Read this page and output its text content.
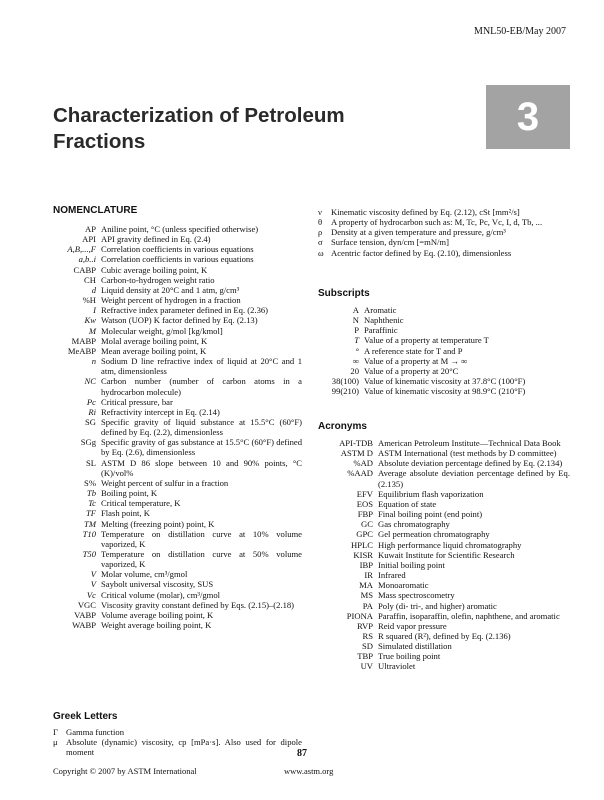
MNL50-EB/May 2007
Characterization of Petroleum
Fractions
3
NOMENCLATURE
AP Aniline point, °C (unless specified otherwise)
API API gravity defined in Eq. (2.4)
A,B,...,F Correlation coefficients in various equations
a,b..i Correlation coefficients in various equations
CABP Cubic average boiling point, K
CH Carbon-to-hydrogen weight ratio
d Liquid density at 20°C and 1 atm, g/cm³
%H Weight percent of hydrogen in a fraction
I Refractive index parameter defined in Eq. (2.36)
Kw Watson (UOP) K factor defined by Eq. (2.13)
M Molecular weight, g/mol [kg/kmol]
MABP Molal average boiling point, K
MeABP Mean average boiling point, K
n Sodium D line refractive index of liquid at 20°C and 1 atm, dimensionless
NC Carbon number (number of carbon atoms in a hydrocarbon molecule)
Pc Critical pressure, bar
Ri Refractivity intercept in Eq. (2.14)
SG Specific gravity of liquid substance at 15.5°C (60°F) defined by Eq. (2.2), dimensionless
SGg Specific gravity of gas substance at 15.5°C (60°F) defined by Eq. (2.6), dimensionless
SL ASTM D 86 slope between 10 and 90% points, °C (K)/vol%
S% Weight percent of sulfur in a fraction
Tb Boiling point, K
Tc Critical temperature, K
TF Flash point, K
TM Melting (freezing point) point, K
T10 Temperature on distillation curve at 10% volume vaporized, K
T50 Temperature on distillation curve at 50% volume vaporized, K
V Molar volume, cm³/gmol
V Saybolt universal viscosity, SUS
Vc Critical volume (molar), cm³/gmol
VGC Viscosity gravity constant defined by Eqs. (2.15)–(2.18)
VABP Volume average boiling point, K
WABP Weight average boiling point, K
Greek Letters
Γ Gamma function
μ Absolute (dynamic) viscosity, cp [mPa·s]. Also used for dipole moment
ν	Kinematic viscosity defined by Eq. (2.12), cSt [mm²/s]
θ	A property of hydrocarbon such as: M, Tc, Pc, Vc, I, d, Tb, ...
ρ	Density at a given temperature and pressure, g/cm³
σ Surface tension, dyn/cm [=mN/m]
ω Acentric factor defined by Eq. (2.10), dimensionless
Subscripts
A Aromatic
N Naphthenic
P Paraffinic
T Value of a property at temperature T
° A reference state for T and P
∞ Value of a property at M → ∞
20 Value of a property at 20°C
38(100) Value of kinematic viscosity at 37.8°C (100°F)
99(210) Value of kinematic viscosity at 98.9°C (210°F)
Acronyms
API-TDB American Petroleum Institute—Technical Data Book
ASTM D ASTM International (test methods by D committee)
%AD Absolute deviation percentage defined by Eq. (2.134)
%AAD Average absolute deviation percentage defined by Eq. (2.135)
EFV Equilibrium flash vaporization
EOS Equation of state
FBP Final boiling point (end point)
GC Gas chromatography
GPC Gel permeation chromatography
HPLC High performance liquid chromatography
KISR Kuwait Institute for Scientific Research
IBP Initial boiling point
IR Infrared
MA Monoaromatic
MS Mass spectroscometry
PA Poly (di- tri-, and higher) aromatic
PIONA Paraffin, isoparaffin, olefin, naphthene, and aromatic
RVP Reid vapor pressure
RS R squared (R²), defined by Eq. (2.136)
SD Simulated distillation
TBP True boiling point
UV Ultraviolet
87
Copyright © 2007 by ASTM International	www.astm.org
